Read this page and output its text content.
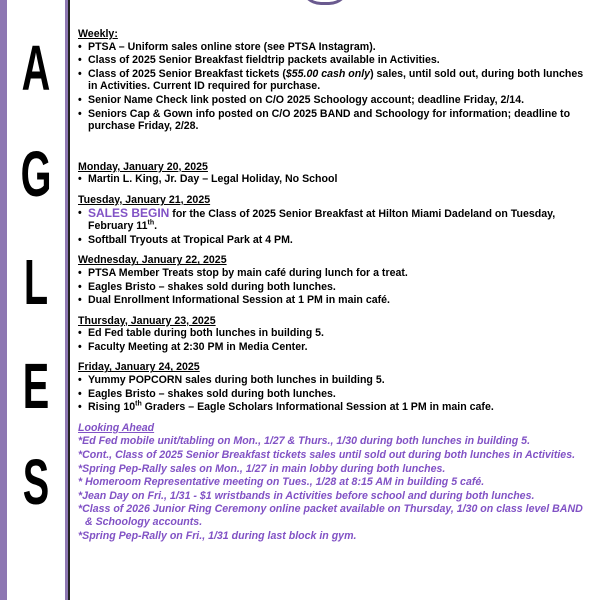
A
G
L
E
S

Weekly:

• PTSA – Uniform sales online store (see PTSA Instagram).
• Class of 2025 Senior Breakfast fieldtrip packets available in Activities.
• Class of 2025 Senior Breakfast tickets ($55.00 cash only) sales, until sold out, during both lunches in Activities. Current ID required for purchase.
• Senior Name Check link posted on C/O 2025 Schoology account; deadline Friday, 2/14.
• Seniors Cap & Gown info posted on C/O 2025 BAND and Schoology for information; deadline to purchase Friday, 2/28.

Monday, January 20, 2025

• Martin L. King, Jr. Day – Legal Holiday, No School

Tuesday, January 21, 2025

• SALES BEGIN for the Class of 2025 Senior Breakfast at Hilton Miami Dadeland on Tuesday, February 11th.
• Softball Tryouts at Tropical Park at 4 PM.

Wednesday, January 22, 2025

• PTSA Member Treats stop by main café during lunch for a treat.
• Eagles Bristo – shakes sold during both lunches.
• Dual Enrollment Informational Session at 1 PM in main café.

Thursday, January 23, 2025

• Ed Fed table during both lunches in building 5.
• Faculty Meeting at 2:30 PM in Media Center.

Friday, January 24, 2025

• Yummy POPCORN sales during both lunches in building 5.
• Eagles Bristo – shakes sold during both lunches.
• Rising 10th Graders – Eagle Scholars Informational Session at 1 PM in main cafe.

Looking Ahead

*Ed Fed mobile unit/tabling on Mon., 1/27 & Thurs., 1/30 during both lunches in building 5.

*Cont., Class of 2025 Senior Breakfast tickets sales until sold out during both lunches in Activities.

*Spring Pep-Rally sales on Mon., 1/27 in main lobby during both lunches.

* Homeroom Representative meeting on Tues., 1/28 at 8:15 AM in building 5 café.

*Jean Day on Fri., 1/31 - $1 wristbands in Activities before school and during both lunches.

*Class of 2026 Junior Ring Ceremony online packet available on Thursday, 1/30 on class level BAND & Schoology accounts.

*Spring Pep-Rally on Fri., 1/31 during last block in gym.
